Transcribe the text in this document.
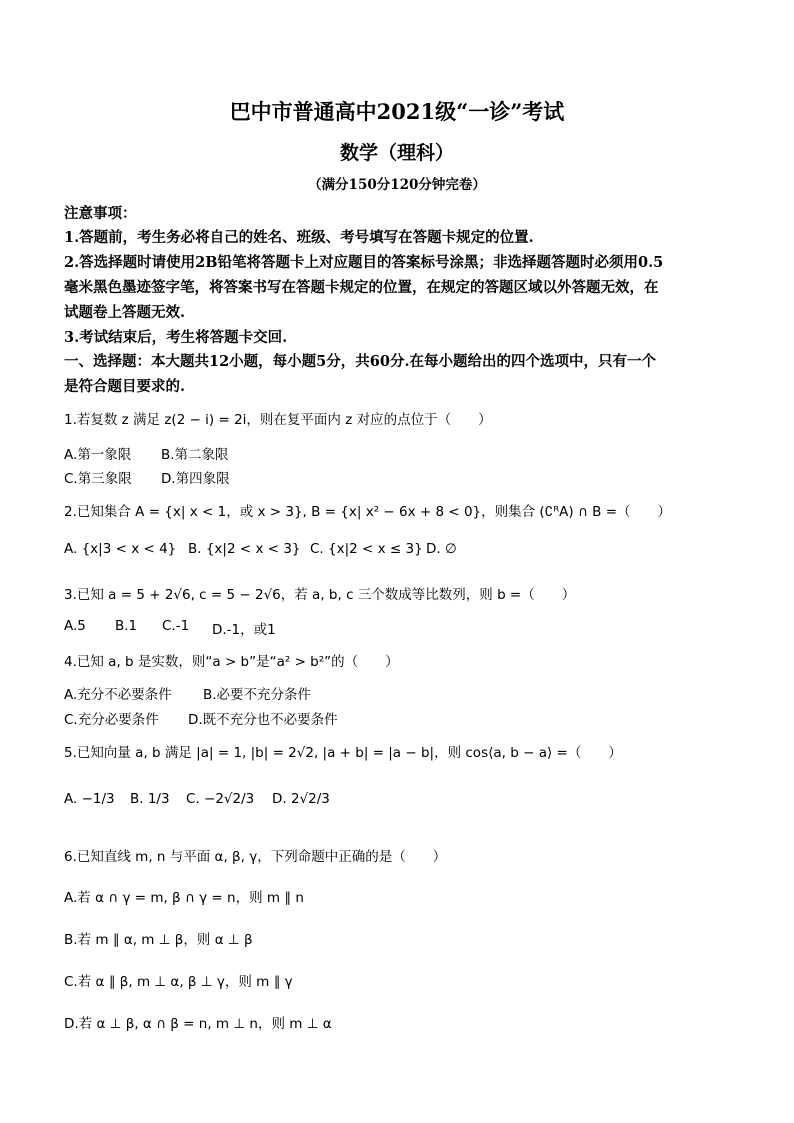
巴中市普通高中2021级“一诊”考试
数学（理科）
（满分150分120分钟完卷）
注意事项：
1.答题前，考生务必将自己的姓名、班级、考号填写在答题卡规定的位置.
2.答选择题时请使用2B铅笔将答题卡上对应题目的答案标号涂黑；非选择题答题时必须用0.5
毫米黑色墨迹签字笔，将答案书写在答题卡规定的位置，在规定的答题区域以外答题无效，在
试题卷上答题无效.
3.考试结束后，考生将答题卡交回.
一、选择题：本大题共12小题，每小题5分，共60分.在每小题给出的四个选项中，只有一个
是符合题目要求的.
1.若复数 z 满足 z(2 − i) = 2i，则在复平面内 z 对应的点位于（　　）
A.第一象限 B.第二象限
C.第三象限 D.第四象限
2.已知集合 A = {x| x < 1，或 x > 3}, B = {x| x² − 6x + 8 < 0}，则集合 (∁ᴿA) ∩ B =（　　）
A. {x|3 < x < 4} B. {x|2 < x < 3} C. {x|2 < x ≤ 3} D. ∅
3.已知 a = 5 + 2√6, c = 5 − 2√6，若 a, b, c 三个数成等比数列，则 b =（　　）
A.5 B.1 C.-1 D.-1，或1
4.已知 a, b 是实数，则“a > b”是“a² > b²”的（　　）
A.充分不必要条件 B.必要不充分条件
C.充分必要条件 D.既不充分也不必要条件
5.已知向量 a, b 满足 |a| = 1, |b| = 2√2, |a + b| = |a − b|，则 cos⟨a, b − a⟩ =（　　）
A. −1/3 B. 1/3 C. −2√2/3 D. 2√2/3
6.已知直线 m, n 与平面 α, β, γ，下列命题中正确的是（　　）
A.若 α ∩ γ = m, β ∩ γ = n，则 m ∥ n
B.若 m ∥ α, m ⊥ β，则 α ⊥ β
C.若 α ∥ β, m ⊥ α, β ⊥ γ，则 m ∥ γ
D.若 α ⊥ β, α ∩ β = n, m ⊥ n，则 m ⊥ α
